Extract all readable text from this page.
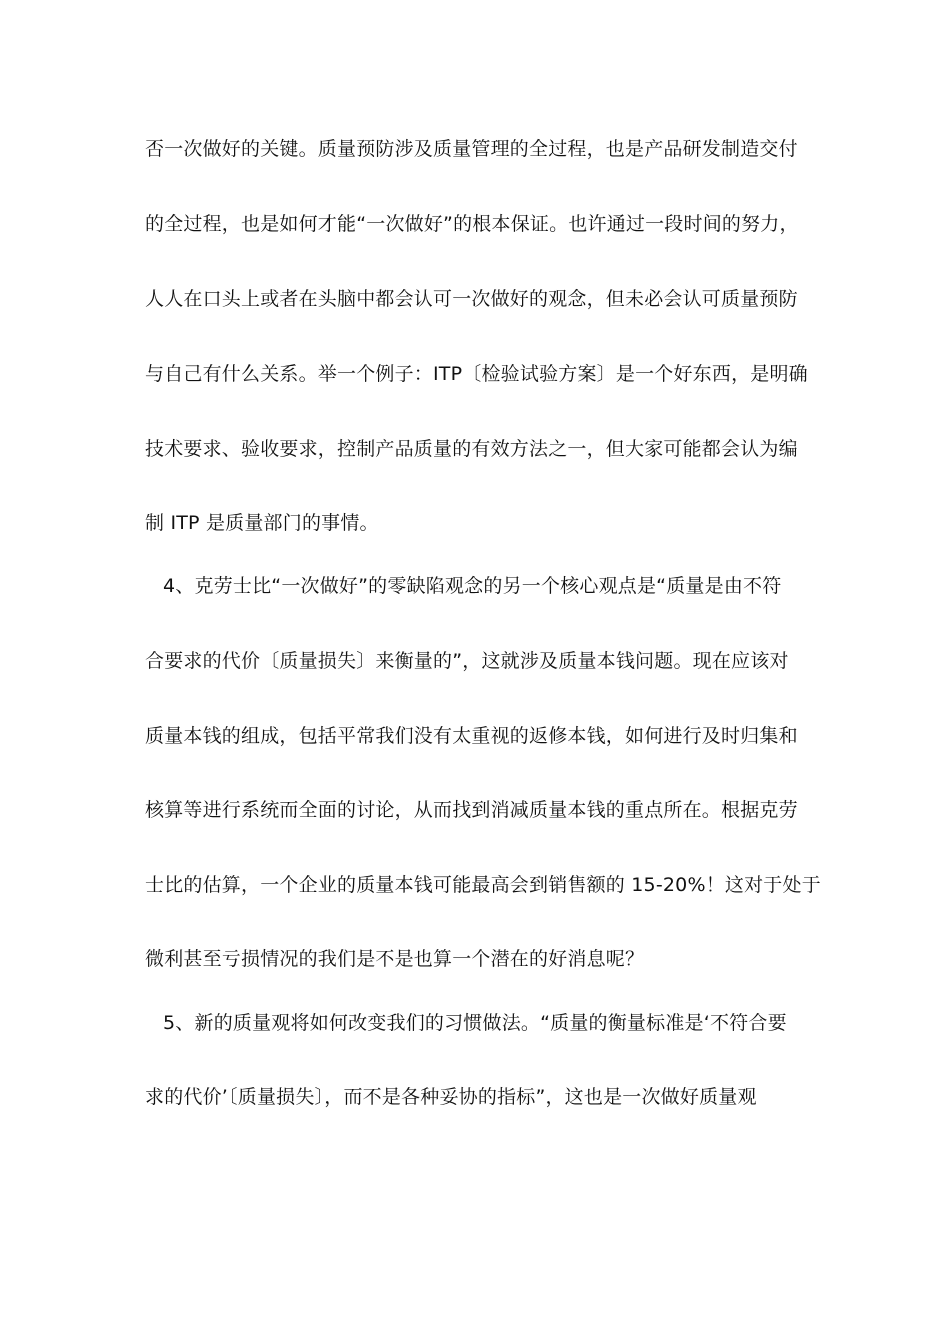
否一次做好的关键。质量预防涉及质量管理的全过程，也是产品研发制造交付
的全过程，也是如何才能“一次做好”的根本保证。也许通过一段时间的努力，
人人在口头上或者在头脑中都会认可一次做好的观念，但未必会认可质量预防
与自己有什么关系。举一个例子：ITP〔检验试验方案〕是一个好东西，是明确
技术要求、验收要求，控制产品质量的有效方法之一，但大家可能都会认为编
制 ITP 是质量部门的事情。
4、克劳士比“一次做好”的零缺陷观念的另一个核心观点是“质量是由不符
合要求的代价〔质量损失〕来衡量的”，这就涉及质量本钱问题。现在应该对
质量本钱的组成，包括平常我们没有太重视的返修本钱，如何进行及时归集和
核算等进行系统而全面的讨论，从而找到消减质量本钱的重点所在。根据克劳
士比的估算，一个企业的质量本钱可能最高会到销售额的 15-20%！这对于处于
微利甚至亏损情况的我们是不是也算一个潜在的好消息呢？
5、新的质量观将如何改变我们的习惯做法。“质量的衡量标准是‘不符合要
求的代价’〔质量损失〕，而不是各种妥协的指标”，这也是一次做好质量观
